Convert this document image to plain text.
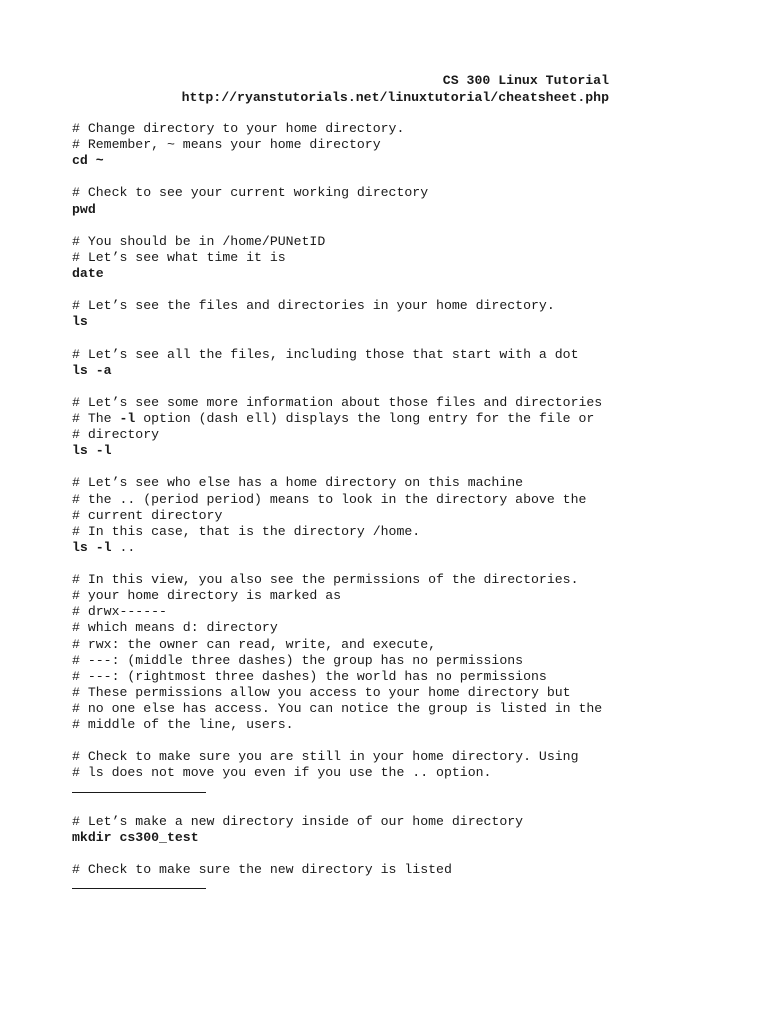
CS 300 Linux Tutorial
http://ryanstutorials.net/linuxtutorial/cheatsheet.php
# Change directory to your home directory.
# Remember, ~ means your home directory
cd ~
# Check to see your current working directory
pwd
# You should be in /home/PUNetID
# Let’s see what time it is
date
# Let’s see the files and directories in your home directory.
ls
# Let’s see all the files, including those that start with a dot
ls -a
# Let’s see some more information about those files and directories
# The -l option (dash ell) displays the long entry for the file or
# directory
ls -l
# Let’s see who else has a home directory on this machine
# the .. (period period) means to look in the directory above the
# current directory
# In this case, that is the directory /home.
ls -l ..
# In this view, you also see the permissions of the directories.
# your home directory is marked as
# drwx------
# which means d: directory
# rwx: the owner can read, write, and execute,
# ---: (middle three dashes) the group has no permissions
# ---: (rightmost three dashes) the world has no permissions
# These permissions allow you access to your home directory but
# no one else has access. You can notice the group is listed in the
# middle of the line, users.
# Check to make sure you are still in your home directory. Using
# ls does not move you even if you use the .. option.
# Let’s make a new directory inside of our home directory
mkdir cs300_test
# Check to make sure the new directory is listed
